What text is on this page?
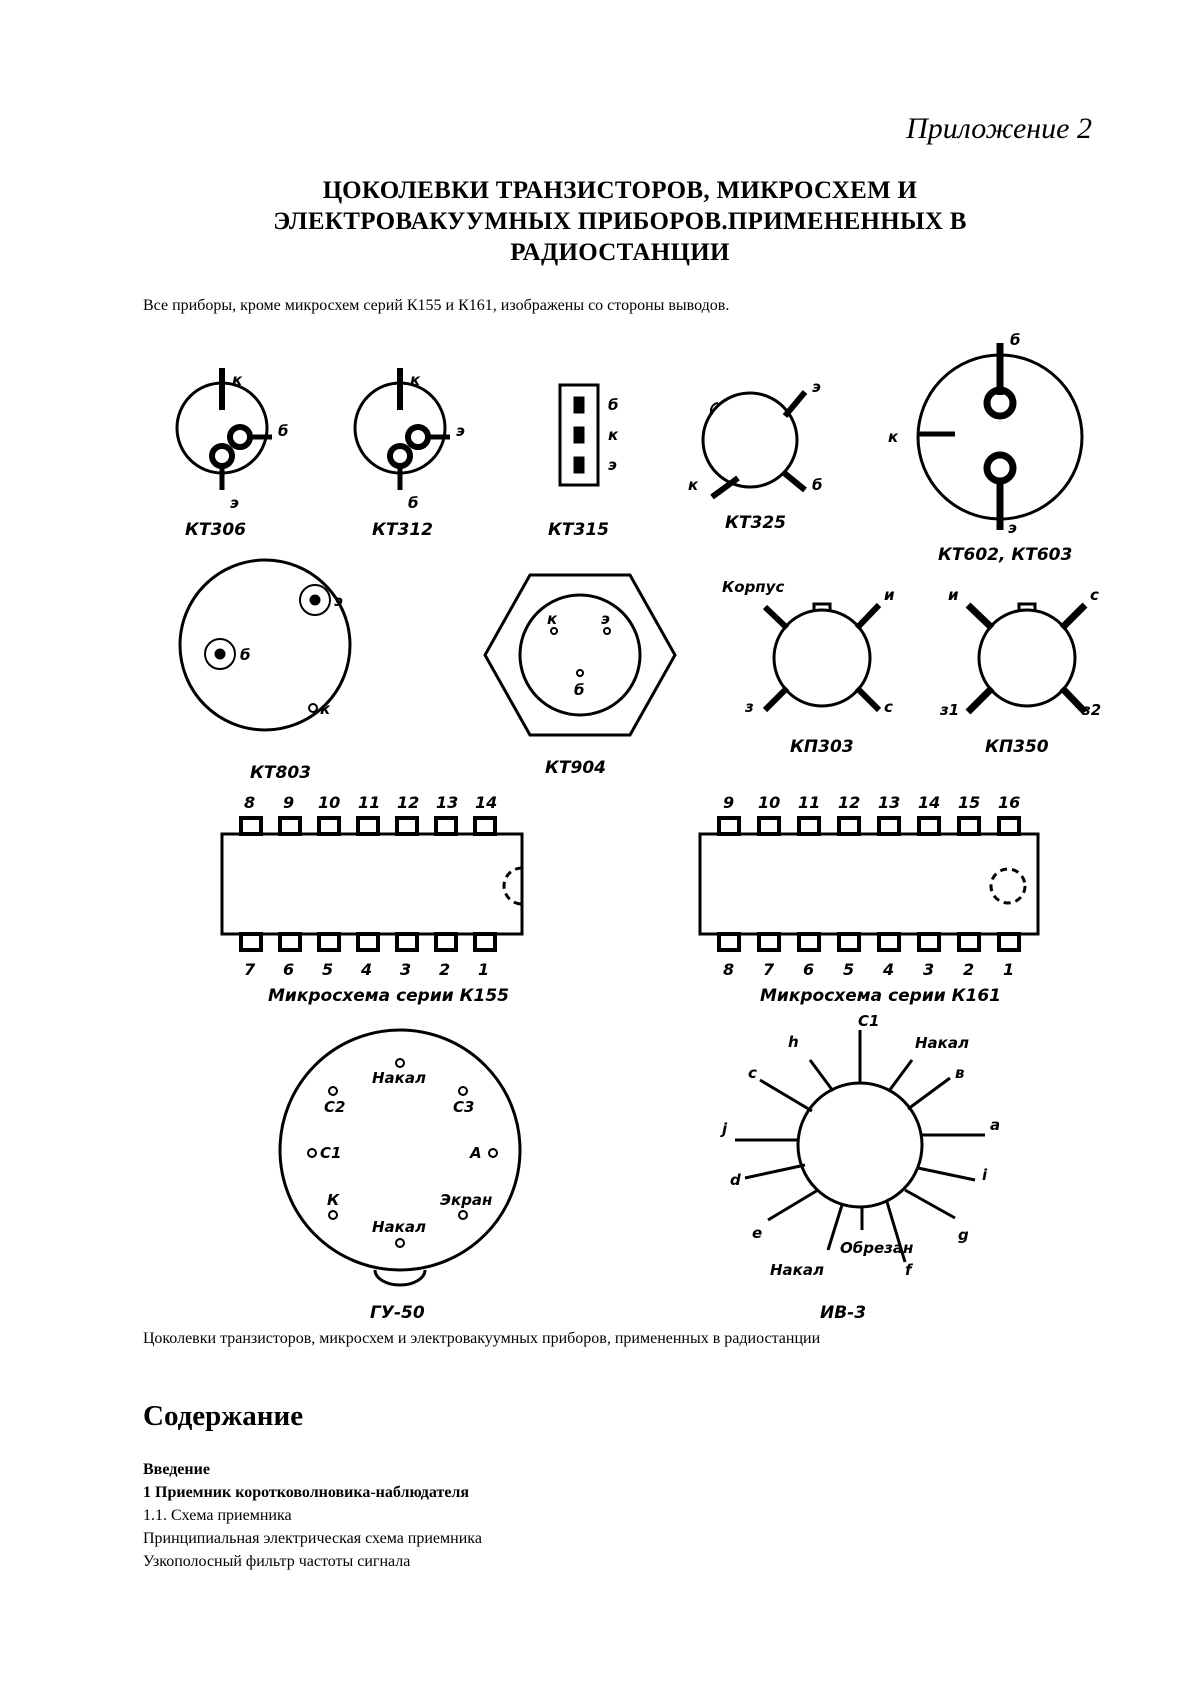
Приложение 2
ЦОКОЛЕВКИ ТРАНЗИСТОРОВ, МИКРОСХЕМ И
ЭЛЕКТРОВАКУУМНЫХ ПРИБОРОВ.ПРИМЕНЕННЫХ В
РАДИОСТАНЦИИ
Все приборы, кроме микросхем серий К155 и К161, изображены со стороны выводов.
к
б
э
КТ306
к
э
б
КТ312
б
к
э
КТ315
э
к	б
КТ325
б
к
э
КТ602, КТ603
э
б
к
КТ803
к	э
б
КТ904
Корпус	и
з	с
КП303
и	с
з1	з2
КП350
8 9 10 11 12 13 14
7 6 5 4 3 2 1
Микросхема серии К155
9 10 11 12 13 14 15 16
8 7 6 5 4 3 2 1
Микросхема серии К161
Накал
С2	С3
С1	А
К	Экран
Накал
ГУ-50
С1
h	Накал
с	в
j	а
d	i
е	g
Накал
Обрезан
f
ИВ-3
Цоколевки транзисторов, микросхем и электровакуумных приборов, примененных в радиостанции
Содержание
Введение
1 Приемник коротковолновика-наблюдателя
1.1. Схема приемника
Принципиальная электрическая схема приемника
Узкополосный фильтр частоты сигнала
